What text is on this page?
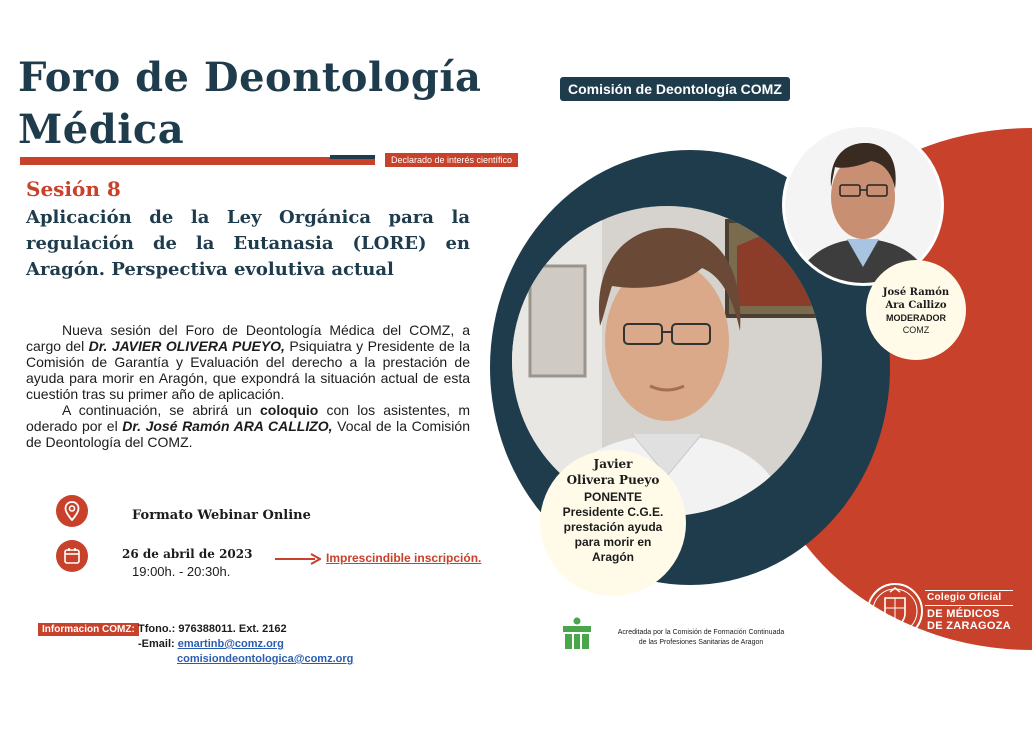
Foro de Deontología
Médica
Declarado de interés científico
Comisión de Deontología COMZ
Sesión 8
Aplicación de la Ley Orgánica para la regulación de la Eutanasia (LORE) en Aragón. Perspectiva evolutiva actual

Nueva sesión del Foro de Deontología Médica del COMZ, a cargo del Dr. JAVIER OLIVERA PUEYO, Psiquiatra y Presidente de la Comisión de Garantía y Evaluación del derecho a la prestación de ayuda para morir en Aragón, que expondrá la situación actual de esta cuestión tras su primer año de aplicación.

A continuación, se abrirá un coloquio con los asistentes, m oderado por el Dr. José Ramón ARA CALLIZO, Vocal de la Comisión de Deontología del COMZ.

Formato Webinar Online
26 de abril de 2023
19:00h. - 20:30h.
Imprescindible inscripción.
Informacion COMZ: Tfono.: 976388011. Ext. 2162
-Email: emartinb@comz.org
comisiondeontologica@comz.org
José Ramón
Ara Callizo
MODERADOR
COMZ
Javier
Olivera Pueyo
PONENTE
Presidente C.G.E.
prestación ayuda
para morir en
Aragón
Acreditada por la Comisión de Formación Continuada
de las Profesiones Sanitarias de Aragon
Colegio Oficial
DE MÉDICOS
DE ZARAGOZA
